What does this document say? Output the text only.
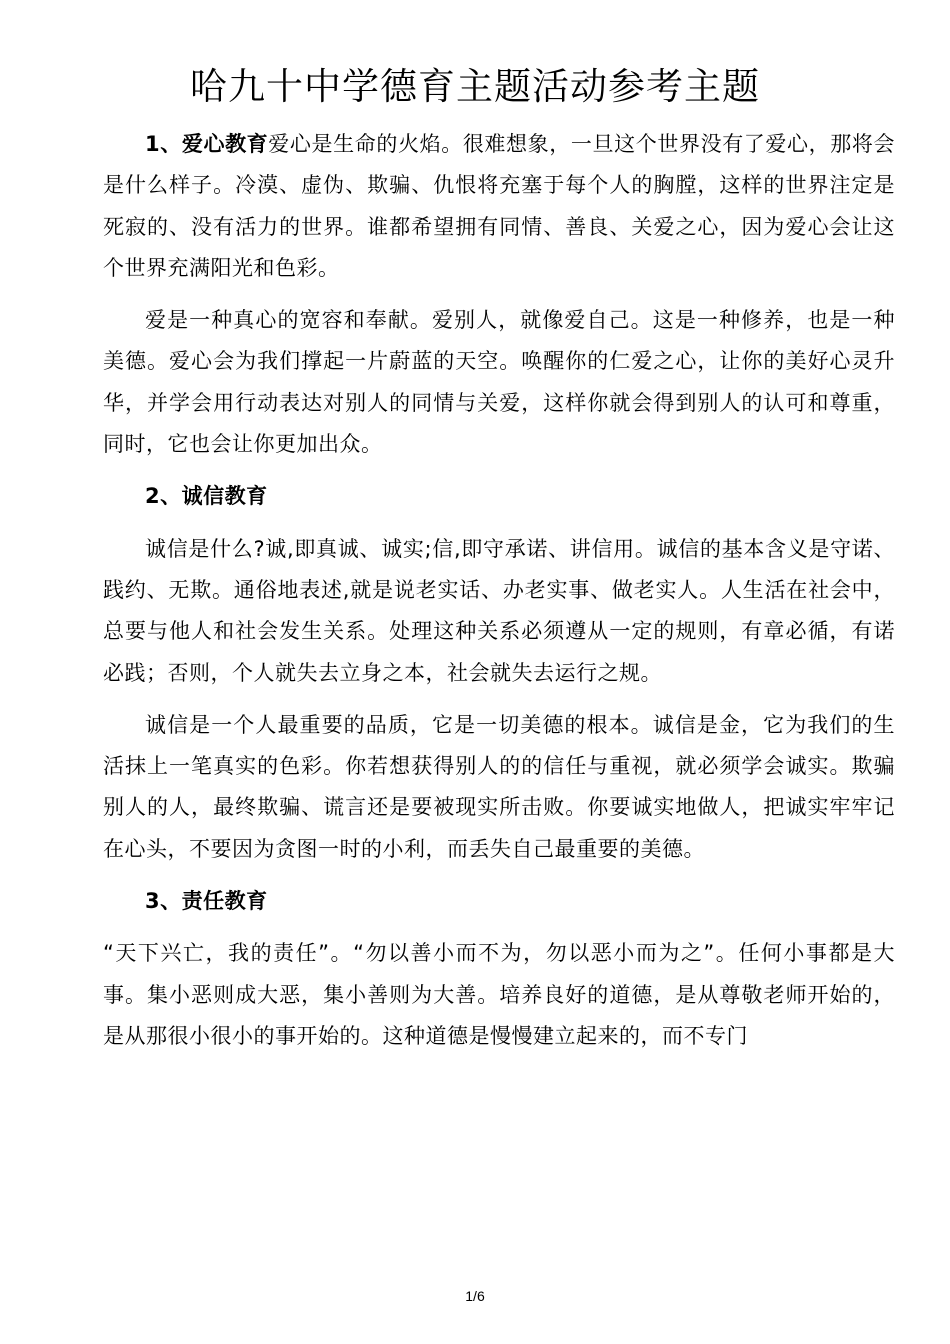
哈九十中学德育主题活动参考主题

1、爱心教育爱心是生命的火焰。很难想象，一旦这个世界没有了爱心，那将会是什么样子。冷漠、虚伪、欺骗、仇恨将充塞于每个人的胸膛，这样的世界注定是死寂的、没有活力的世界。谁都希望拥有同情、善良、关爱之心，因为爱心会让这个世界充满阳光和色彩。

爱是一种真心的宽容和奉献。爱别人，就像爱自己。这是一种修养，也是一种美德。爱心会为我们撑起一片蔚蓝的天空。唤醒你的仁爱之心，让你的美好心灵升华，并学会用行动表达对别人的同情与关爱，这样你就会得到别人的认可和尊重，同时，它也会让你更加出众。

2、诚信教育

诚信是什么?诚,即真诚、诚实;信,即守承诺、讲信用。诚信的基本含义是守诺、践约、无欺。通俗地表述,就是说老实话、办老实事、做老实人。人生活在社会中，总要与他人和社会发生关系。处理这种关系必须遵从一定的规则，有章必循，有诺必践；否则，个人就失去立身之本，社会就失去运行之规。

诚信是一个人最重要的品质，它是一切美德的根本。诚信是金，它为我们的生活抹上一笔真实的色彩。你若想获得别人的的信任与重视，就必须学会诚实。欺骗别人的人，最终欺骗、谎言还是要被现实所击败。你要诚实地做人，把诚实牢牢记在心头，不要因为贪图一时的小利，而丢失自己最重要的美德。

3、责任教育

“天下兴亡，我的责任”。“勿以善小而不为，勿以恶小而为之”。任何小事都是大事。集小恶则成大恶，集小善则为大善。培养良好的道德，是从尊敬老师开始的，是从那很小很小的事开始的。这种道德是慢慢建立起来的，而不专门

1/6
